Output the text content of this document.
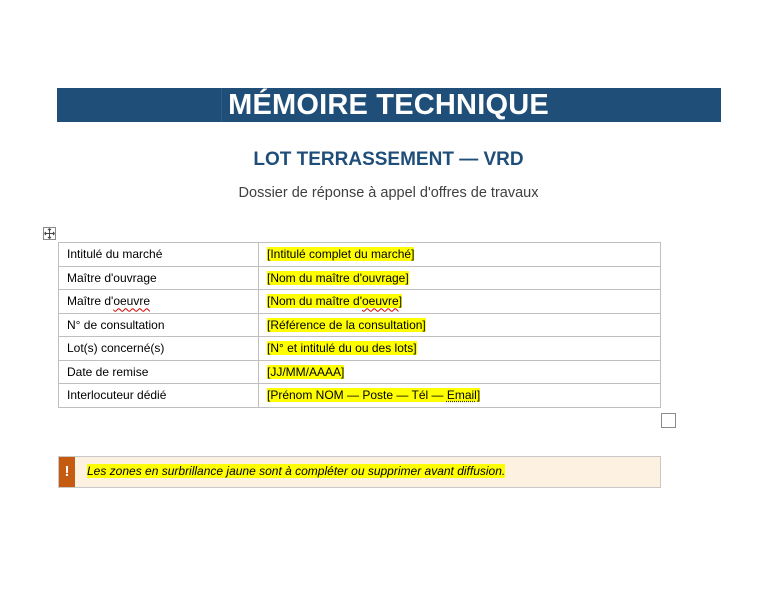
MÉMOIRE TECHNIQUE
LOT TERRASSEMENT — VRD
Dossier de réponse à appel d'offres de travaux
Intitulé du marché	[Intitulé complet du marché]
Maître d'ouvrage	[Nom du maître d'ouvrage]
Maître d'oeuvre	[Nom du maître d'oeuvre]
N° de consultation	[Référence de la consultation]
Lot(s) concerné(s)	[N° et intitulé du ou des lots]
Date de remise	[JJ/MM/AAAA]
Interlocuteur dédié	[Prénom NOM — Poste — Tél — Email]
!	Les zones en surbrillance jaune sont à compléter ou supprimer avant diffusion.
